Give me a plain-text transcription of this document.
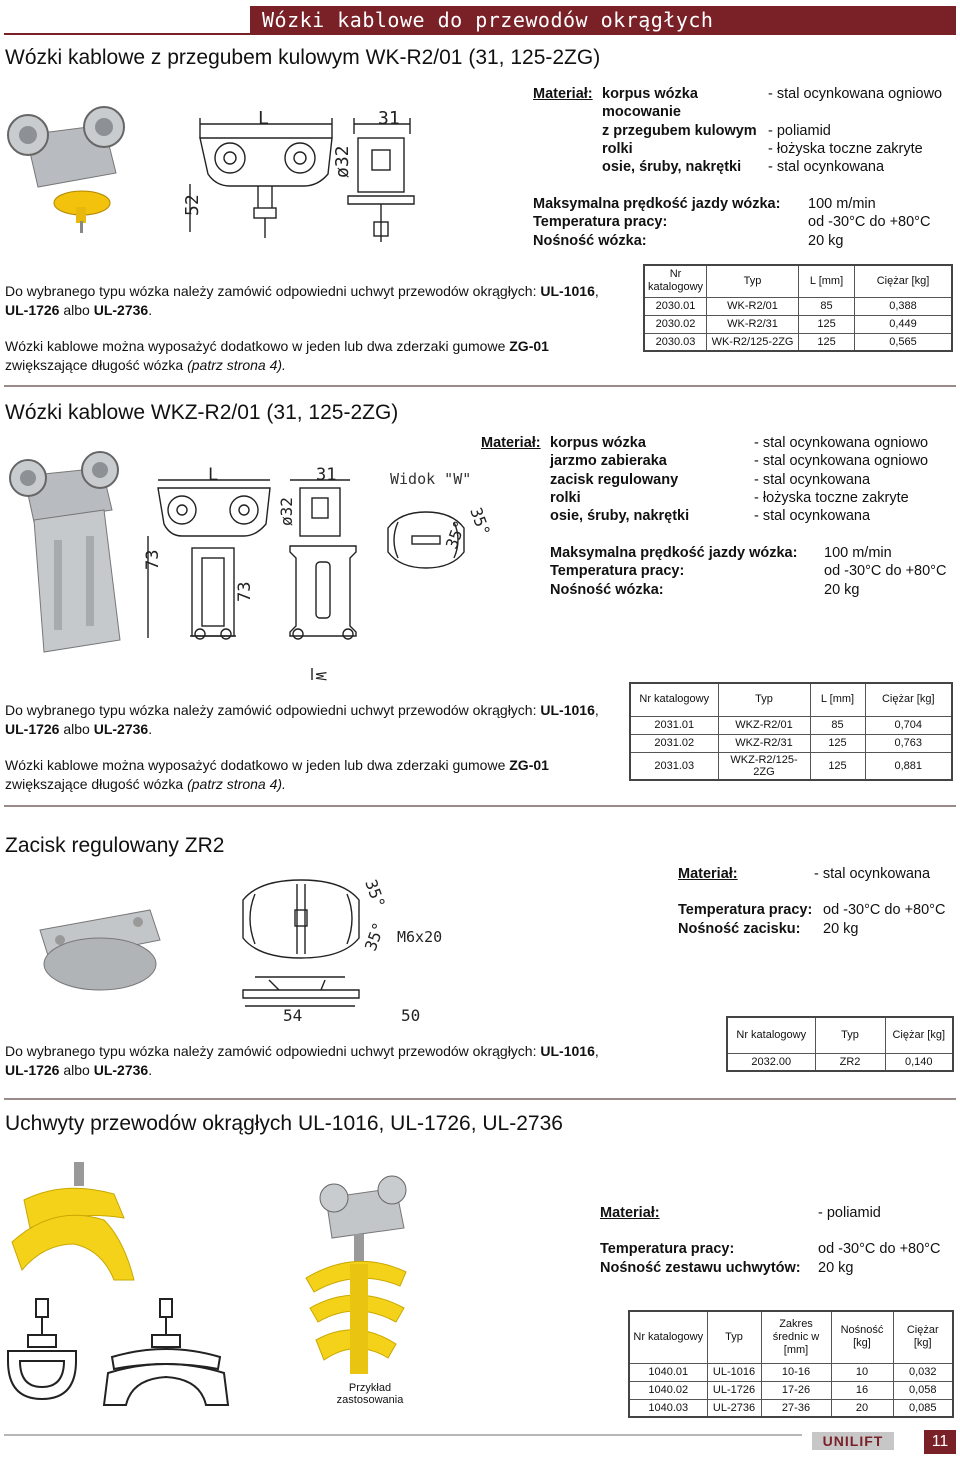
Wózki kablowe do przewodów okrągłych
Wózki kablowe z przegubem kulowym WK-R2/01 (31, 125-2ZG)
L	31
ø32
52
Materiał: korpus wózka	- stal ocynkowana ogniowo
mocowanie
z przegubem kulowym - poliamid
rolki	- łożyska toczne zakryte
osie, śruby, nakrętki - stal ocynkowana
Maksymalna prędkość jazdy wózka: 100 m/min
Temperatura pracy:	od -30°C do +80°C
Nośność wózka:	20 kg
Do wybranego typu wózka należy zamówić odpowiedni uchwyt przewodów okrągłych: UL-1016, UL-1726 albo UL-2736.
Wózki kablowe można wyposażyć dodatkowo w jeden lub dwa zderzaki gumowe ZG-01 zwiększające długość wózka (patrz strona 4).
Nr katalogowy	Typ	L [mm]	Ciężar [kg]
2030.01	WK-R2/01	85	0,388
2030.02	WK-R2/31	125	0,449
2030.03	WK-R2/125-2ZG	125	0,565
Wózki kablowe WKZ-R2/01 (31, 125-2ZG)
L	31
ø32
73
73
Widok "W"
35°
35°
W
Materiał: korpus wózka	- stal ocynkowana ogniowo
jarzmo zabieraka	- stal ocynkowana ogniowo
zacisk regulowany	- stal ocynkowana
rolki	- łożyska toczne zakryte
osie, śruby, nakrętki	- stal ocynkowana
Maksymalna prędkość jazdy wózka: 100 m/min
Temperatura pracy:	od -30°C do +80°C
Nośność wózka:	20 kg
Do wybranego typu wózka należy zamówić odpowiedni uchwyt przewodów okrągłych: UL-1016, UL-1726 albo UL-2736.
Wózki kablowe można wyposażyć dodatkowo w jeden lub dwa zderzaki gumowe ZG-01 zwiększające długość wózka (patrz strona 4).
Nr katalogowy	Typ	L [mm]	Ciężar [kg]
2031.01	WKZ-R2/01	85	0,704
2031.02	WKZ-R2/31	125	0,763
2031.03	WKZ-R2/125-2ZG	125	0,881
Zacisk regulowany ZR2
35°
35° M6x20
54	50
Materiał:	- stal ocynkowana
Temperatura pracy: od -30°C do +80°C
Nośność zacisku: 20 kg
Do wybranego typu wózka należy zamówić odpowiedni uchwyt przewodów okrągłych: UL-1016, UL-1726 albo UL-2736.
Nr katalogowy	Typ	Ciężar [kg]
2032.00	ZR2	0,140
Uchwyty przewodów okrągłych UL-1016, UL-1726, UL-2736
Przykład zastosowania
Materiał:	- poliamid
Temperatura pracy:	od -30°C do +80°C
Nośność zestawu uchwytów: 20 kg
Nr katalogowy	Typ	Zakres średnic w [mm]	Nośność [kg]	Ciężar [kg]
1040.01	UL-1016	10-16	10	0,032
1040.02	UL-1726	17-26	16	0,058
1040.03	UL-2736	27-36	20	0,085
UNILIFT	11
